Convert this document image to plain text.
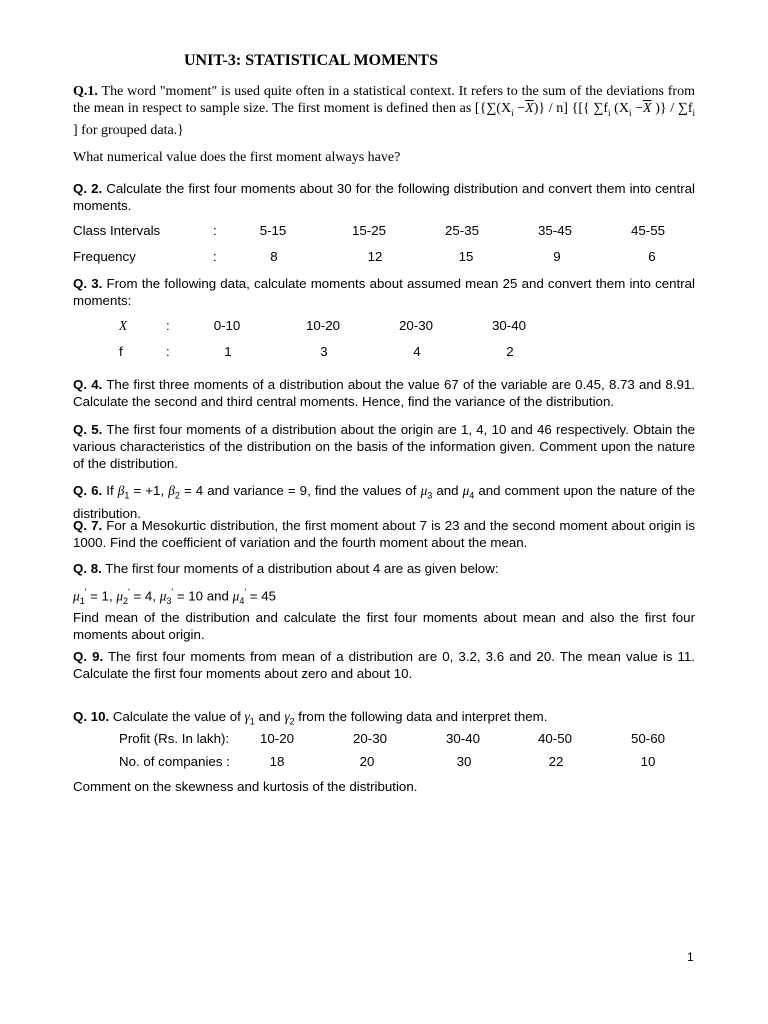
UNIT-3: STATISTICAL MOMENTS
Q.1. The word "moment" is used quite often in a statistical context. It refers to the sum of the deviations from the mean in respect to sample size. The first moment is defined then as $[\{\sum(X_i -\overline{X})\} / n]$ {[{ $\sum f_i$ ($X_i -\overline{X}$ )} / $\sum f_i$ ] for grouped data.}
What numerical value does the first moment always have?
Q. 2. Calculate the first four moments about 30 for the following distribution and convert them into central moments.
Class Intervals	:	5-15	15-25	25-35	35-45	45-55
Frequency	:	8	12	15	9	6
Q. 3. From the following data, calculate moments about assumed mean 25 and convert them into central moments:
X	:	0-10	10-20	20-30	30-40
f	:	1	3	4	2
Q. 4. The first three moments of a distribution about the value 67 of the variable are 0.45, 8.73 and 8.91. Calculate the second and third central moments. Hence, find the variance of the distribution.
Q. 5. The first four moments of a distribution about the origin are 1, 4, 10 and 46 respectively. Obtain the various characteristics of the distribution on the basis of the information given. Comment upon the nature of the distribution.
Q. 6. If $\beta_1 = +1$, $\beta_2 = 4$ and variance = 9, find the values of $\mu_3$ and $\mu_4$ and comment upon the nature of the distribution.
Q. 7. For a Mesokurtic distribution, the first moment about 7 is 23 and the second moment about origin is 1000. Find the coefficient of variation and the fourth moment about the mean.
Q. 8. The first four moments of a distribution about 4 are as given below:
$\mu_1' = 1$, $\mu_2' = 4$, $\mu_3' = 10$ and $\mu_4' = 45$
Find mean of the distribution and calculate the first four moments about mean and also the first four moments about origin.
Q. 9. The first four moments from mean of a distribution are 0, 3.2, 3.6 and 20. The mean value is 11. Calculate the first four moments about zero and about 10.
Q. 10. Calculate the value of $\gamma_1$ and $\gamma_2$ from the following data and interpret them.
Profit (Rs. In lakh): 10-20	20-30	30-40	40-50	50-60
No. of companies :	18	20	30	22	10
Comment on the skewness and kurtosis of the distribution.
1
